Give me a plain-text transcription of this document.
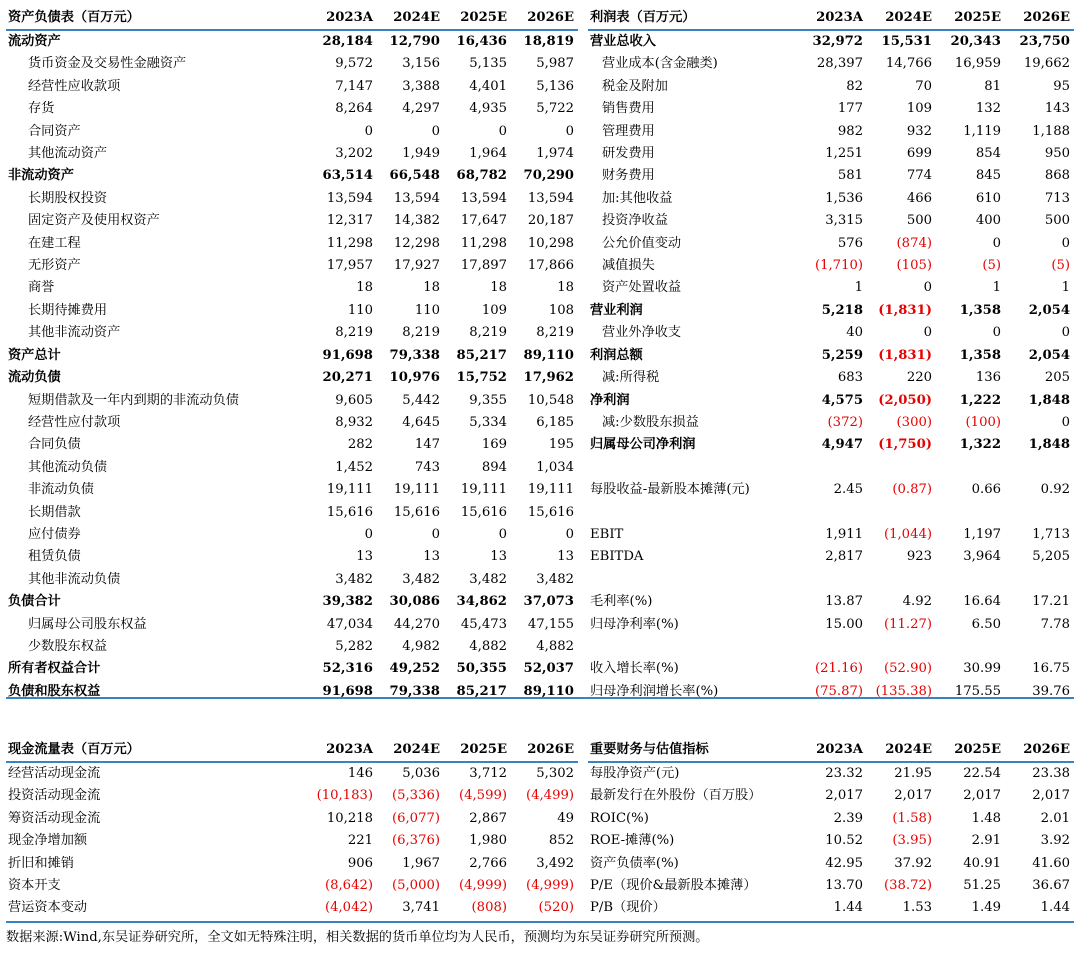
资产负债表（百万元）	2023A	2024E	2025E	2026E
流动资产	28,184	12,790	16,436	18,819
货币资金及交易性金融资产	9,572	3,156	5,135	5,987
经营性应收款项	7,147	3,388	4,401	5,136
存货	8,264	4,297	4,935	5,722
合同资产	0	0	0	0
其他流动资产	3,202	1,949	1,964	1,974
非流动资产	63,514	66,548	68,782	70,290
长期股权投资	13,594	13,594	13,594	13,594
固定资产及使用权资产	12,317	14,382	17,647	20,187
在建工程	11,298	12,298	11,298	10,298
无形资产	17,957	17,927	17,897	17,866
商誉	18	18	18	18
长期待摊费用	110	110	109	108
其他非流动资产	8,219	8,219	8,219	8,219
资产总计	91,698	79,338	85,217	89,110
流动负债	20,271	10,976	15,752	17,962
短期借款及一年内到期的非流动负债	9,605	5,442	9,355	10,548
经营性应付款项	8,932	4,645	5,334	6,185
合同负债	282	147	169	195
其他流动负债	1,452	743	894	1,034
非流动负债	19,111	19,111	19,111	19,111
长期借款	15,616	15,616	15,616	15,616
应付债券	0	0	0	0
租赁负债	13	13	13	13
其他非流动负债	3,482	3,482	3,482	3,482
负债合计	39,382	30,086	34,862	37,073
归属母公司股东权益	47,034	44,270	45,473	47,155
少数股东权益	5,282	4,982	4,882	4,882
所有者权益合计	52,316	49,252	50,355	52,037
负债和股东权益	91,698	79,338	85,217	89,110
利润表（百万元）	2023A	2024E	2025E	2026E
营业总收入	32,972	15,531	20,343	23,750
营业成本(含金融类)	28,397	14,766	16,959	19,662
税金及附加	82	70	81	95
销售费用	177	109	132	143
管理费用	982	932	1,119	1,188
研发费用	1,251	699	854	950
财务费用	581	774	845	868
加:其他收益	1,536	466	610	713
投资净收益	3,315	500	400	500
公允价值变动	576	(874)	0	0
减值损失	(1,710)	(105)	(5)	(5)
资产处置收益	1	0	1	1
营业利润	5,218	(1,831)	1,358	2,054
营业外净收支	40	0	0	0
利润总额	5,259	(1,831)	1,358	2,054
减:所得税	683	220	136	205
净利润	4,575	(2,050)	1,222	1,848
减:少数股东损益	(372)	(300)	(100)	0
归属母公司净利润	4,947	(1,750)	1,322	1,848

每股收益-最新股本摊薄(元)	2.45	(0.87)	0.66	0.92

EBIT	1,911	(1,044)	1,197	1,713
EBITDA	2,817	923	3,964	5,205

毛利率(%)	13.87	4.92	16.64	17.21
归母净利率(%)	15.00	(11.27)	6.50	7.78

收入增长率(%)	(21.16)	(52.90)	30.99	16.75
归母净利润增长率(%)	(75.87)	(135.38)	175.55	39.76
现金流量表（百万元）	2023A	2024E	2025E	2026E
经营活动现金流	146	5,036	3,712	5,302
投资活动现金流	(10,183)	(5,336)	(4,599)	(4,499)
筹资活动现金流	10,218	(6,077)	2,867	49
现金净增加额	221	(6,376)	1,980	852
折旧和摊销	906	1,967	2,766	3,492
资本开支	(8,642)	(5,000)	(4,999)	(4,999)
营运资本变动	(4,042)	3,741	(808)	(520)
重要财务与估值指标	2023A	2024E	2025E	2026E
每股净资产(元)	23.32	21.95	22.54	23.38
最新发行在外股份（百万股）	2,017	2,017	2,017	2,017
ROIC(%)	2.39	(1.58)	1.48	2.01
ROE-摊薄(%)	10.52	(3.95)	2.91	3.92
资产负债率(%)	42.95	37.92	40.91	41.60
P/E（现价&最新股本摊薄）	13.70	(38.72)	51.25	36.67
P/B（现价）	1.44	1.53	1.49	1.44
数据来源:Wind,东吴证券研究所，全文如无特殊注明，相关数据的货币单位均为人民币，预测均为东吴证券研究所预测。
